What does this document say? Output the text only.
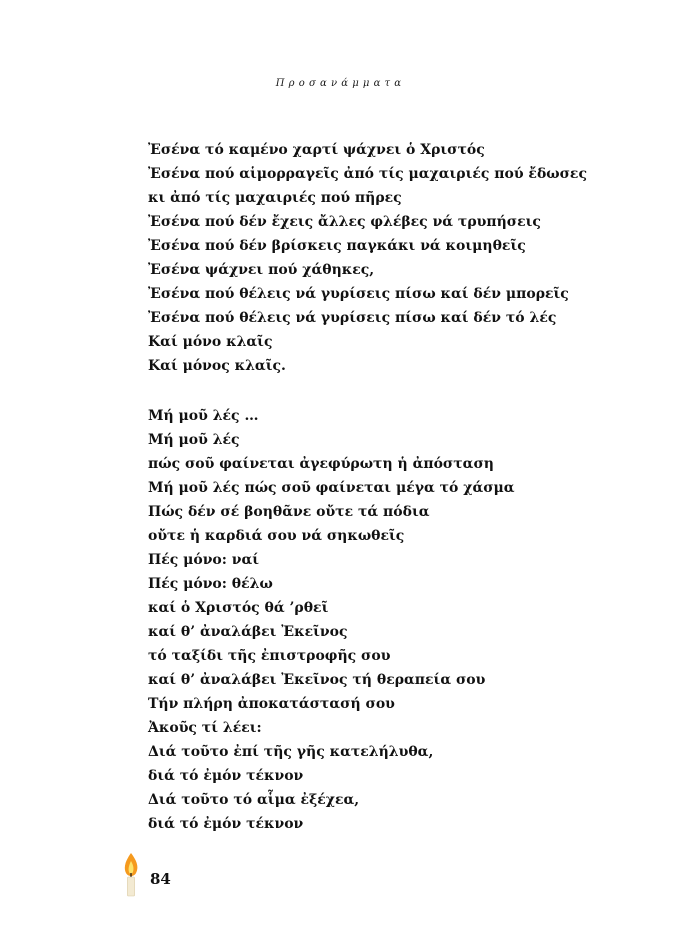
Προσανάμματα
Ἐσένα τό καμένο χαρτί ψάχνει ὁ Χριστός
Ἐσένα πού αἱμορραγεῖς ἀπό τίς μαχαιριές πού ἔδωσες
κι ἀπό τίς μαχαιριές πού πῆρες
Ἐσένα πού δέν ἔχεις ἄλλες φλέβες νά τρυπήσεις
Ἐσένα πού δέν βρίσκεις παγκάκι νά κοιμηθεῖς
Ἐσένα ψάχνει πού χάθηκες,
Ἐσένα πού θέλεις νά γυρίσεις πίσω καί δέν μπορεῖς
Ἐσένα πού θέλεις νά γυρίσεις πίσω καί δέν τό λές
Καί μόνο κλαῖς
Καί μόνος κλαῖς.
Μή μοῦ λές …
Μή μοῦ λές
πώς σοῦ φαίνεται ἀγεφύρωτη ἡ ἀπόσταση
Μή μοῦ λές πώς σοῦ φαίνεται μέγα τό χάσμα
Πώς δέν σέ βοηθᾶνε οὔτε τά πόδια
οὔτε ἡ καρδιά σου νά σηκωθεῖς
Πές μόνο: ναί
Πές μόνο: θέλω
καί ὁ Χριστός θά ’ρθεῖ
καί θ’ ἀναλάβει Ἐκεῖνος
τό ταξίδι τῆς ἐπιστροφῆς σου
καί θ’ ἀναλάβει Ἐκεῖνος τή θεραπεία σου
Τήν πλήρη ἀποκατάστασή σου
Ἀκοῦς τί λέει:
Διά τοῦτο ἐπί τῆς γῆς κατελήλυθα,
διά τό ἐμόν τέκνον
Διά τοῦτο τό αἷμα ἐξέχεα,
διά τό ἐμόν τέκνον
84
